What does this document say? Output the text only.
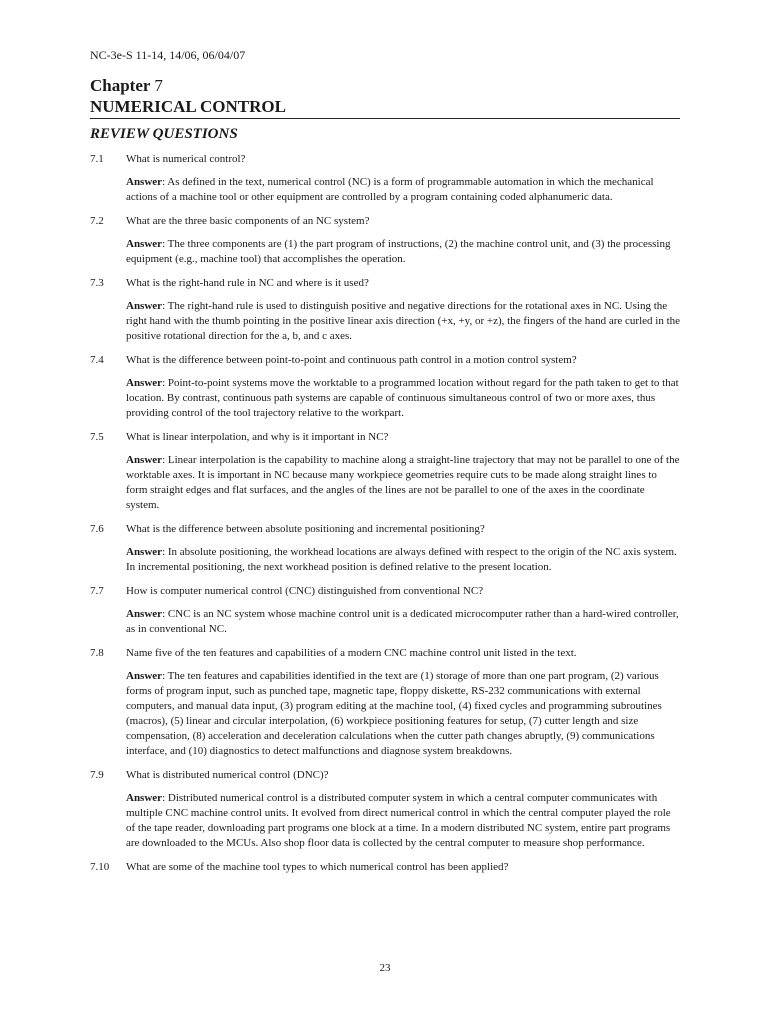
NC-3e-S 11-14, 14/06, 06/04/07
Chapter 7
NUMERICAL CONTROL
REVIEW QUESTIONS
7.1	What is numerical control?
Answer: As defined in the text, numerical control (NC) is a form of programmable automation in which the mechanical actions of a machine tool or other equipment are controlled by a program containing coded alphanumeric data.
7.2	What are the three basic components of an NC system?
Answer: The three components are (1) the part program of instructions, (2) the machine control unit, and (3) the processing equipment (e.g., machine tool) that accomplishes the operation.
7.3	What is the right-hand rule in NC and where is it used?
Answer: The right-hand rule is used to distinguish positive and negative directions for the rotational axes in NC. Using the right hand with the thumb pointing in the positive linear axis direction (+x, +y, or +z), the fingers of the hand are curled in the positive rotational direction for the a, b, and c axes.
7.4	What is the difference between point-to-point and continuous path control in a motion control system?
Answer: Point-to-point systems move the worktable to a programmed location without regard for the path taken to get to that location. By contrast, continuous path systems are capable of continuous simultaneous control of two or more axes, thus providing control of the tool trajectory relative to the workpart.
7.5	What is linear interpolation, and why is it important in NC?
Answer: Linear interpolation is the capability to machine along a straight-line trajectory that may not be parallel to one of the worktable axes. It is important in NC because many workpiece geometries require cuts to be made along straight lines to form straight edges and flat surfaces, and the angles of the lines are not be parallel to one of the axes in the coordinate system.
7.6	What is the difference between absolute positioning and incremental positioning?
Answer: In absolute positioning, the workhead locations are always defined with respect to the origin of the NC axis system. In incremental positioning, the next workhead position is defined relative to the present location.
7.7	How is computer numerical control (CNC) distinguished from conventional NC?
Answer: CNC is an NC system whose machine control unit is a dedicated microcomputer rather than a hard-wired controller, as in conventional NC.
7.8	Name five of the ten features and capabilities of a modern CNC machine control unit listed in the text.
Answer: The ten features and capabilities identified in the text are (1) storage of more than one part program, (2) various forms of program input, such as punched tape, magnetic tape, floppy diskette, RS-232 communications with external computers, and manual data input, (3) program editing at the machine tool, (4) fixed cycles and programming subroutines (macros), (5) linear and circular interpolation, (6) workpiece positioning features for setup, (7) cutter length and size compensation, (8) acceleration and deceleration calculations when the cutter path changes abruptly, (9) communications interface, and (10) diagnostics to detect malfunctions and diagnose system breakdowns.
7.9	What is distributed numerical control (DNC)?
Answer: Distributed numerical control is a distributed computer system in which a central computer communicates with multiple CNC machine control units. It evolved from direct numerical control in which the central computer played the role of the tape reader, downloading part programs one block at a time. In a modern distributed NC system, entire part programs are downloaded to the MCUs. Also shop floor data is collected by the central computer to measure shop performance.
7.10	What are some of the machine tool types to which numerical control has been applied?
23
